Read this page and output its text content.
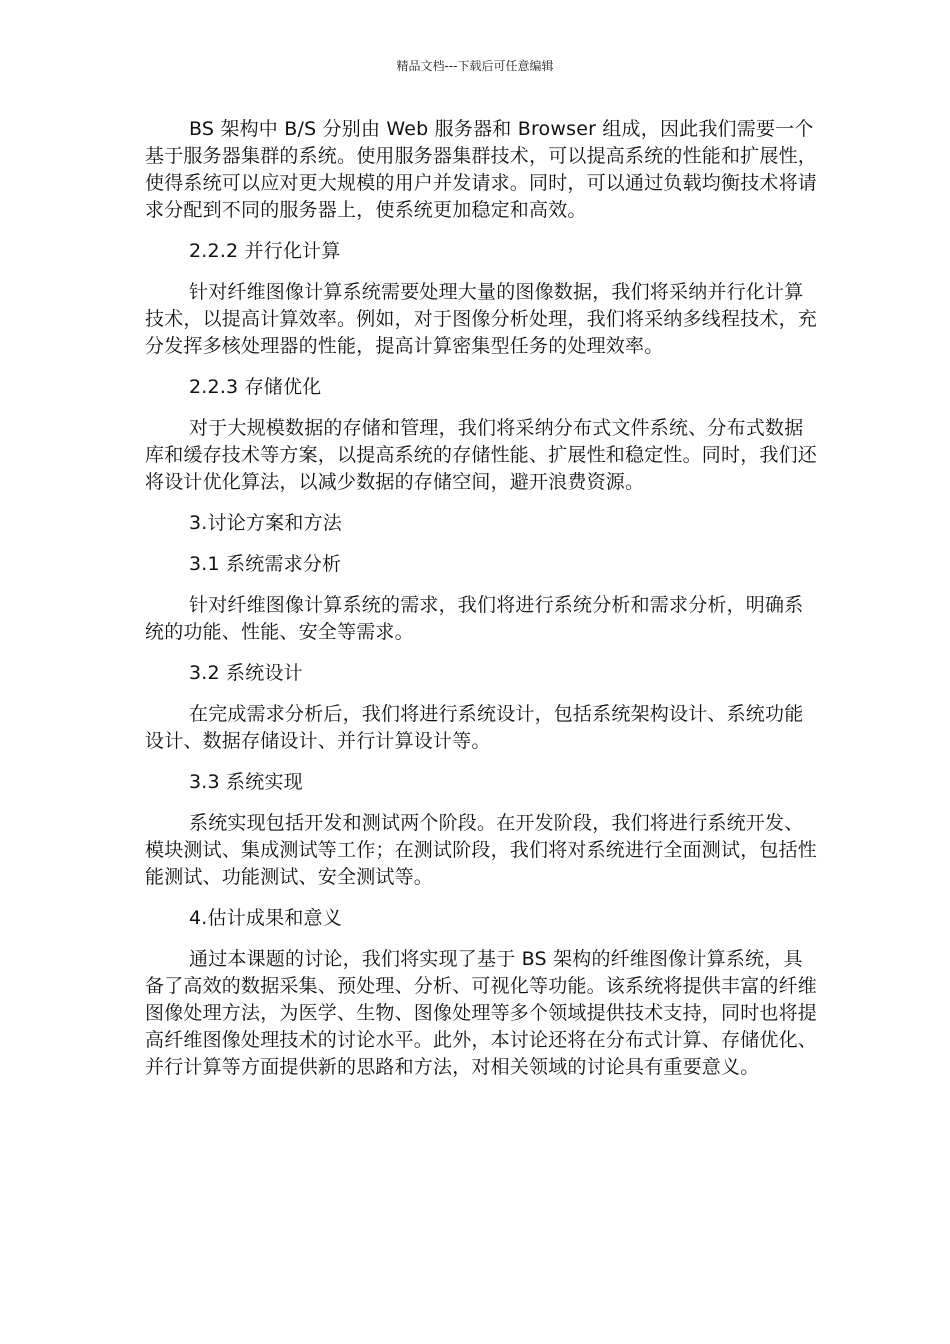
精品文档---下载后可任意编辑

BS 架构中 B/S 分别由 Web 服务器和 Browser 组成，因此我们需要一个基于服务器集群的系统。使用服务器集群技术，可以提高系统的性能和扩展性，使得系统可以应对更大规模的用户并发请求。同时，可以通过负载均衡技术将请求分配到不同的服务器上，使系统更加稳定和高效。

2.2.2 并行化计算

针对纤维图像计算系统需要处理大量的图像数据，我们将采纳并行化计算技术，以提高计算效率。例如，对于图像分析处理，我们将采纳多线程技术，充分发挥多核处理器的性能，提高计算密集型任务的处理效率。

2.2.3 存储优化

对于大规模数据的存储和管理，我们将采纳分布式文件系统、分布式数据库和缓存技术等方案，以提高系统的存储性能、扩展性和稳定性。同时，我们还将设计优化算法，以减少数据的存储空间，避开浪费资源。

3.讨论方案和方法

3.1 系统需求分析

针对纤维图像计算系统的需求，我们将进行系统分析和需求分析，明确系统的功能、性能、安全等需求。

3.2 系统设计

在完成需求分析后，我们将进行系统设计，包括系统架构设计、系统功能设计、数据存储设计、并行计算设计等。

3.3 系统实现

系统实现包括开发和测试两个阶段。在开发阶段，我们将进行系统开发、模块测试、集成测试等工作；在测试阶段，我们将对系统进行全面测试，包括性能测试、功能测试、安全测试等。

4.估计成果和意义

通过本课题的讨论，我们将实现了基于 BS 架构的纤维图像计算系统，具备了高效的数据采集、预处理、分析、可视化等功能。该系统将提供丰富的纤维图像处理方法，为医学、生物、图像处理等多个领域提供技术支持，同时也将提高纤维图像处理技术的讨论水平。此外，本讨论还将在分布式计算、存储优化、并行计算等方面提供新的思路和方法，对相关领域的讨论具有重要意义。
